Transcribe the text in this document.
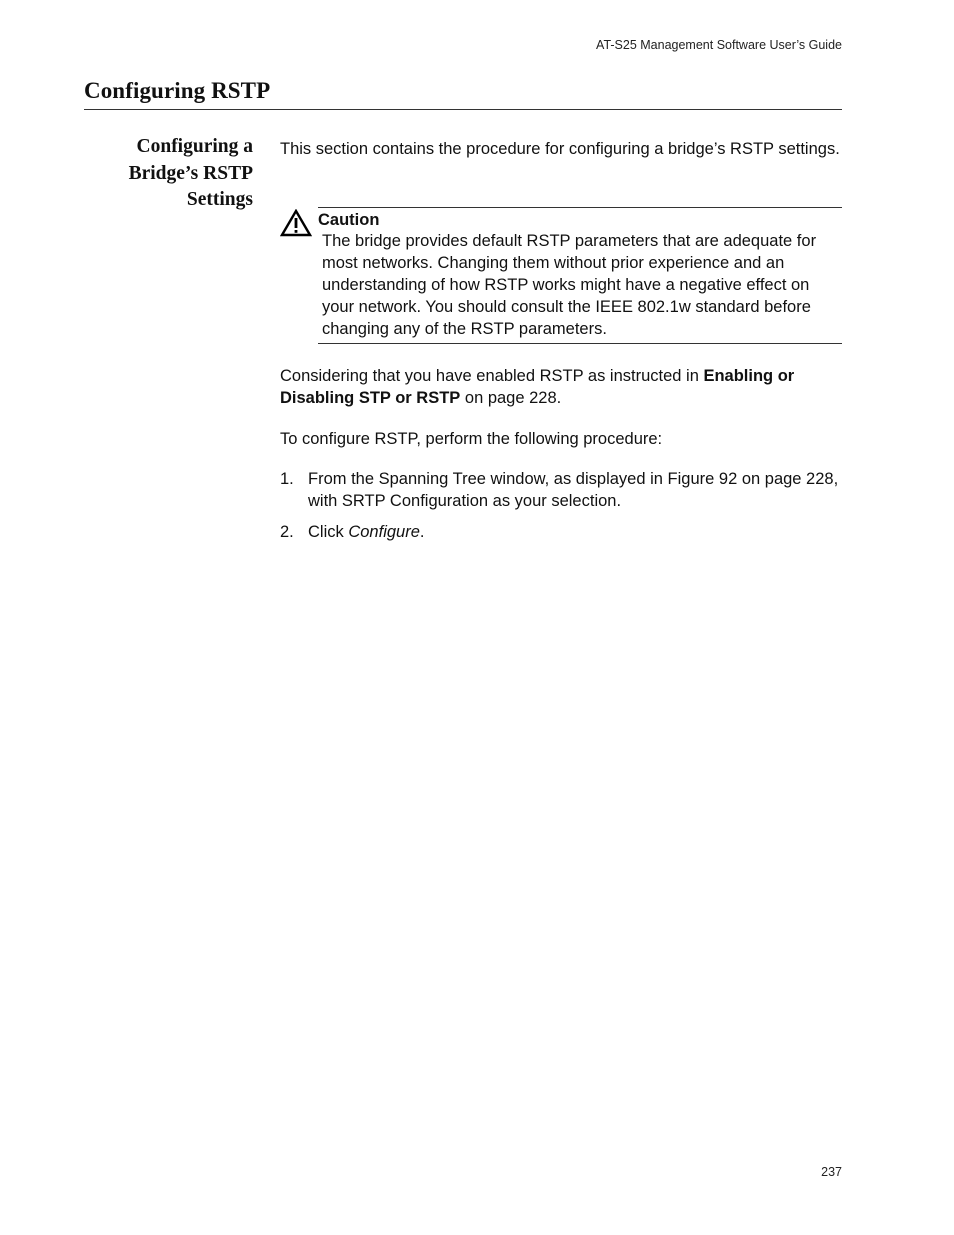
AT-S25 Management Software User’s Guide
Configuring RSTP
Configuring a
Bridge’s RSTP
Settings

This section contains the procedure for configuring a bridge’s RSTP settings.

Caution

The bridge provides default RSTP parameters that are adequate for most networks. Changing them without prior experience and an understanding of how RSTP works might have a negative effect on your network. You should consult the IEEE 802.1w standard before changing any of the RSTP parameters.

Considering that you have enabled RSTP as instructed in Enabling or Disabling STP or RSTP on page 228.

To configure RSTP, perform the following procedure:

1. From the Spanning Tree window, as displayed in Figure 92 on page 228, with SRTP Configuration as your selection.
2. Click Configure.
237
